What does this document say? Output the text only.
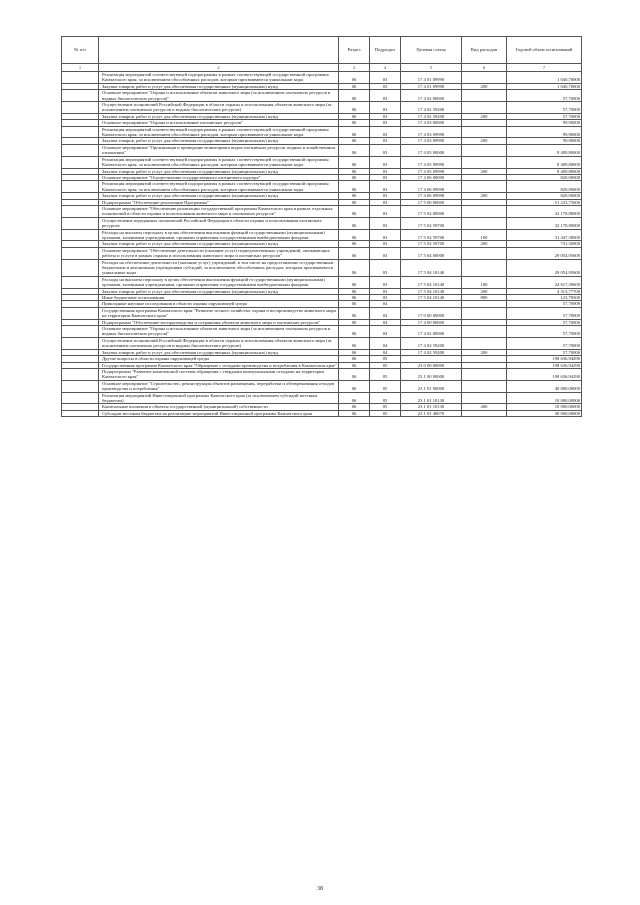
№ п/п		Раздел	Подраздел	Целевая статья	Вид расходов	Годовой объем ассигнований
1	2	3	4	5	6	7
	Реализация мероприятий соответствующей подпрограммы в рамках соответствующей государственной программы Камчатского края, за исключением обособленных расходов, которым присваиваются уникальные коды	06	03	17 4 01 09990		1 040,70000
	Закупка товаров, работ и услуг для обеспечения государственных (муниципальных) нужд	06	03	17 4 01 09990	200	1 040,70000
	Основное мероприятие "Охрана и использование объектов животного мира (за исключением охотничьих ресурсов и водных биологических ресурсов)"	06	03	17 4 02 00000		57,70000
	Осуществление полномочий Российской Федерации в области охраны и использования объектов животного мира (за исключением охотничьих ресурсов и водных биологических ресурсов)	06	03	17 4 02 59200		57,70000
	Закупка товаров, работ и услуг для обеспечения государственных (муниципальных) нужд	06	03	17 4 02 59200	200	57,70000
	Основное мероприятие "Охрана и использование охотничьих ресурсов"	06	03	17 4 03 00000		99,90000
	Реализация мероприятий соответствующей подпрограммы в рамках соответствующей государственной программы Камчатского края, за исключением обособленных расходов, которым присваиваются уникальные коды	06	03	17 4 03 09990		99,90000
	Закупка товаров, работ и услуг для обеспечения государственных (муниципальных) нужд	06	03	17 4 03 09990	200	99,90000
	Основное мероприятие "Организация и проведение мониторинга видов охотничьих ресурсов, водных в хозяйственном отношении"	06	03	17 4 05 00000		8 409,80000
	Реализация мероприятий соответствующей подпрограммы в рамках соответствующей государственной программы Камчатского края, за исключением обособленных расходов, которым присваиваются уникальные коды	06	03	17 4 05 09990		8 409,80000
	Закупка товаров, работ и услуг для обеспечения государственных (муниципальных) нужд	06	03	17 4 05 09990	200	8 409,80000
	Основное мероприятие "Осуществление государственного охотничьего надзора"	06	03	17 4 06 00000		820,00000
	Реализация мероприятий соответствующей подпрограммы в рамках соответствующей государственной программы Камчатского края, за исключением обособленных расходов, которым присваиваются уникальные коды	06	03	17 4 06 09990		820,00000
	Закупка товаров, работ и услуг для обеспечения государственных (муниципальных) нужд	06	03	17 4 06 09990	200	820,00000
	Подпрограмма "Обеспечение реализации Программы"	06	03	17 5 00 00000		51 233,75600
	Основное мероприятие "Обеспечение реализации государственной программы Камчатского края в рамках отдельных полномочий в области охраны и использования животного мира и охотничьих ресурсов"	06	03	17 5 02 00000		32 178,80000
	Осуществление переданных полномочий Российской Федерации в области охраны и использования охотничьих ресурсов	06	03	17 5 02 59700		32 178,80000
	Расходы на выплаты персоналу в целях обеспечения выполнения функций государственными (муниципальными) органами, казенными учреждениями, органами управления государственными внебюджетными фондами	06	03	17 5 02 59700	100	31 447,30000
	Закупка товаров, работ и услуг для обеспечения государственных (муниципальных) нужд	06	03	17 5 02 59700	200	731,50000
	Основное мероприятие "Обеспечение деятельности (оказание услуг) подведомственных учреждений, оказывающих работы и услуги в рамках охраны и использования животного мира и охотничьих ресурсов"	06	03	17 5 04 00000		29 054,95600
	Расходы на обеспечение деятельности (оказание услуг) учреждений, в том числе на предоставление государственным бюджетным и автономным учреждениям субсидий, за исключением обособленных расходов, которым присваиваются уникальные коды	06	03	17 5 04 10140		29 054,95600
	Расходы на выплаты персоналу в целях обеспечения выполнения функций государственными (муниципальными) органами, казенными учреждениями, органами управления государственными внебюджетными фондами	06	03	17 5 04 10140	100	24 617,39600
	Закупка товаров, работ и услуг для обеспечения государственных (муниципальных) нужд	06	03	17 5 04 10140	200	4 313,77700
	Иные бюджетные ассигнования	06	03	17 5 04 10140	800	123,78300
	Прикладные научные исследования в области охраны окружающей среды	06	04			57,70000
	Государственная программа Камчатского края "Развитие лесного хозяйства, охрана и воспроизводство животного мира на территории Камчатского края"	06	04	17 0 00 00000		57,70000
	Подпрограмма "Обеспечение воспроизводства и сохранения объектов животного мира и охотничьих ресурсов"	06	04	17 4 00 00000		57,70000
	Основное мероприятие "Охрана и использование объектов животного мира (за исключением охотничьих ресурсов и водных биологических ресурсов)"	06	04	17 4 02 00000		57,70000
	Осуществление полномочий Российской Федерации в области охраны и использования объектов животного мира (за исключением охотничьих ресурсов и водных биологических ресурсов)	06	04	17 4 02 59200		57,70000
	Закупка товаров, работ и услуг для обеспечения государственных (муниципальных) нужд	06	04	17 4 02 59200	200	57,70000
	Другие вопросы в области охраны окружающей среды	06	05			198 636,94290
	Государственная программа Камчатского края "Обращение с отходами производства и потребления в Камчатском крае"	06	05	23 0 00 00000		198 636,94290
	Подпрограмма "Развитие комплексной системы обращения с твердыми коммунальными отходами на территории Камчатского края"	06	05	23 1 00 00000		198 636,94290
	Основное мероприятие "Строительство, реконструкция объектов размещения, переработки и обезвреживания отходов производства и потребления"	06	05	23 1 01 00000		40 000,00000
	Реализация мероприятий Инвестиционной программы Камчатского края (за исключением субсидий местным бюджетам)	06	05	23 1 01 10130		10 000,00000
	Капитальные вложения в объекты государственной (муниципальной) собственности	06	05	23 1 01 10130	400	10 000,00000
	Субсидии местным бюджетам на реализацию мероприятий Инвестиционной программы Камчатского края	06	05	23 1 01 40070		30 000,00000
38
